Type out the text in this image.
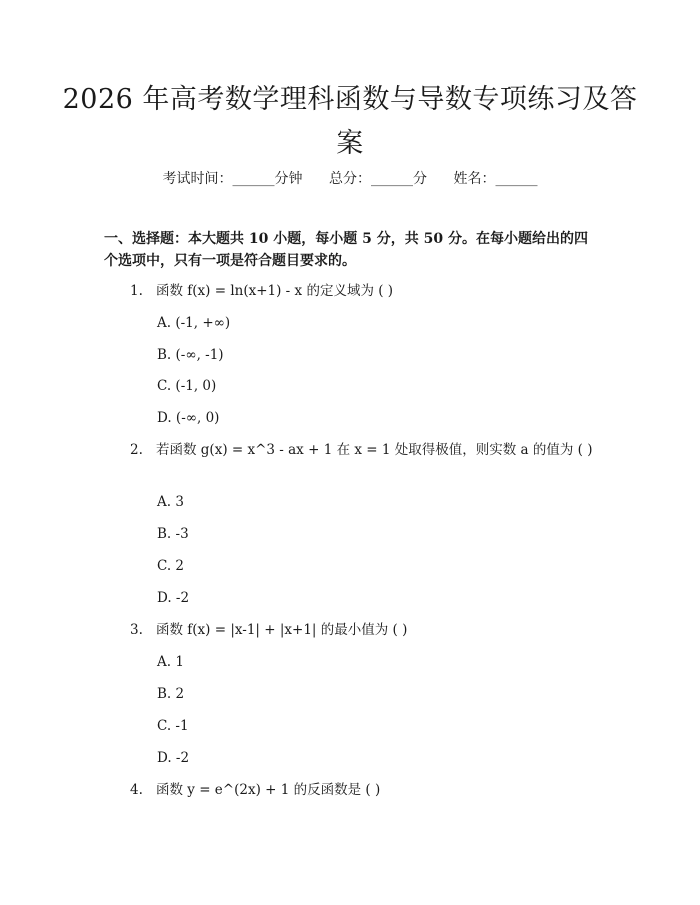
2026 年高考数学理科函数与导数专项练习及答案
考试时间：______分钟 总分：______分 姓名：______
一、选择题：本大题共 10 小题，每小题 5 分，共 50 分。在每小题给出的四个选项中，只有一项是符合题目要求的。
1. 函数 f(x) = ln(x+1) - x 的定义域为 ( )
A. (-1, +∞)
B. (-∞, -1)
C. (-1, 0)
D. (-∞, 0)
2. 若函数 g(x) = x^3 - ax + 1 在 x = 1 处取得极值，则实数 a 的值为 ( )
A. 3
B. -3
C. 2
D. -2
3. 函数 f(x) = |x-1| + |x+1| 的最小值为 ( )
A. 1
B. 2
C. -1
D. -2
4. 函数 y = e^(2x) + 1 的反函数是 ( )
